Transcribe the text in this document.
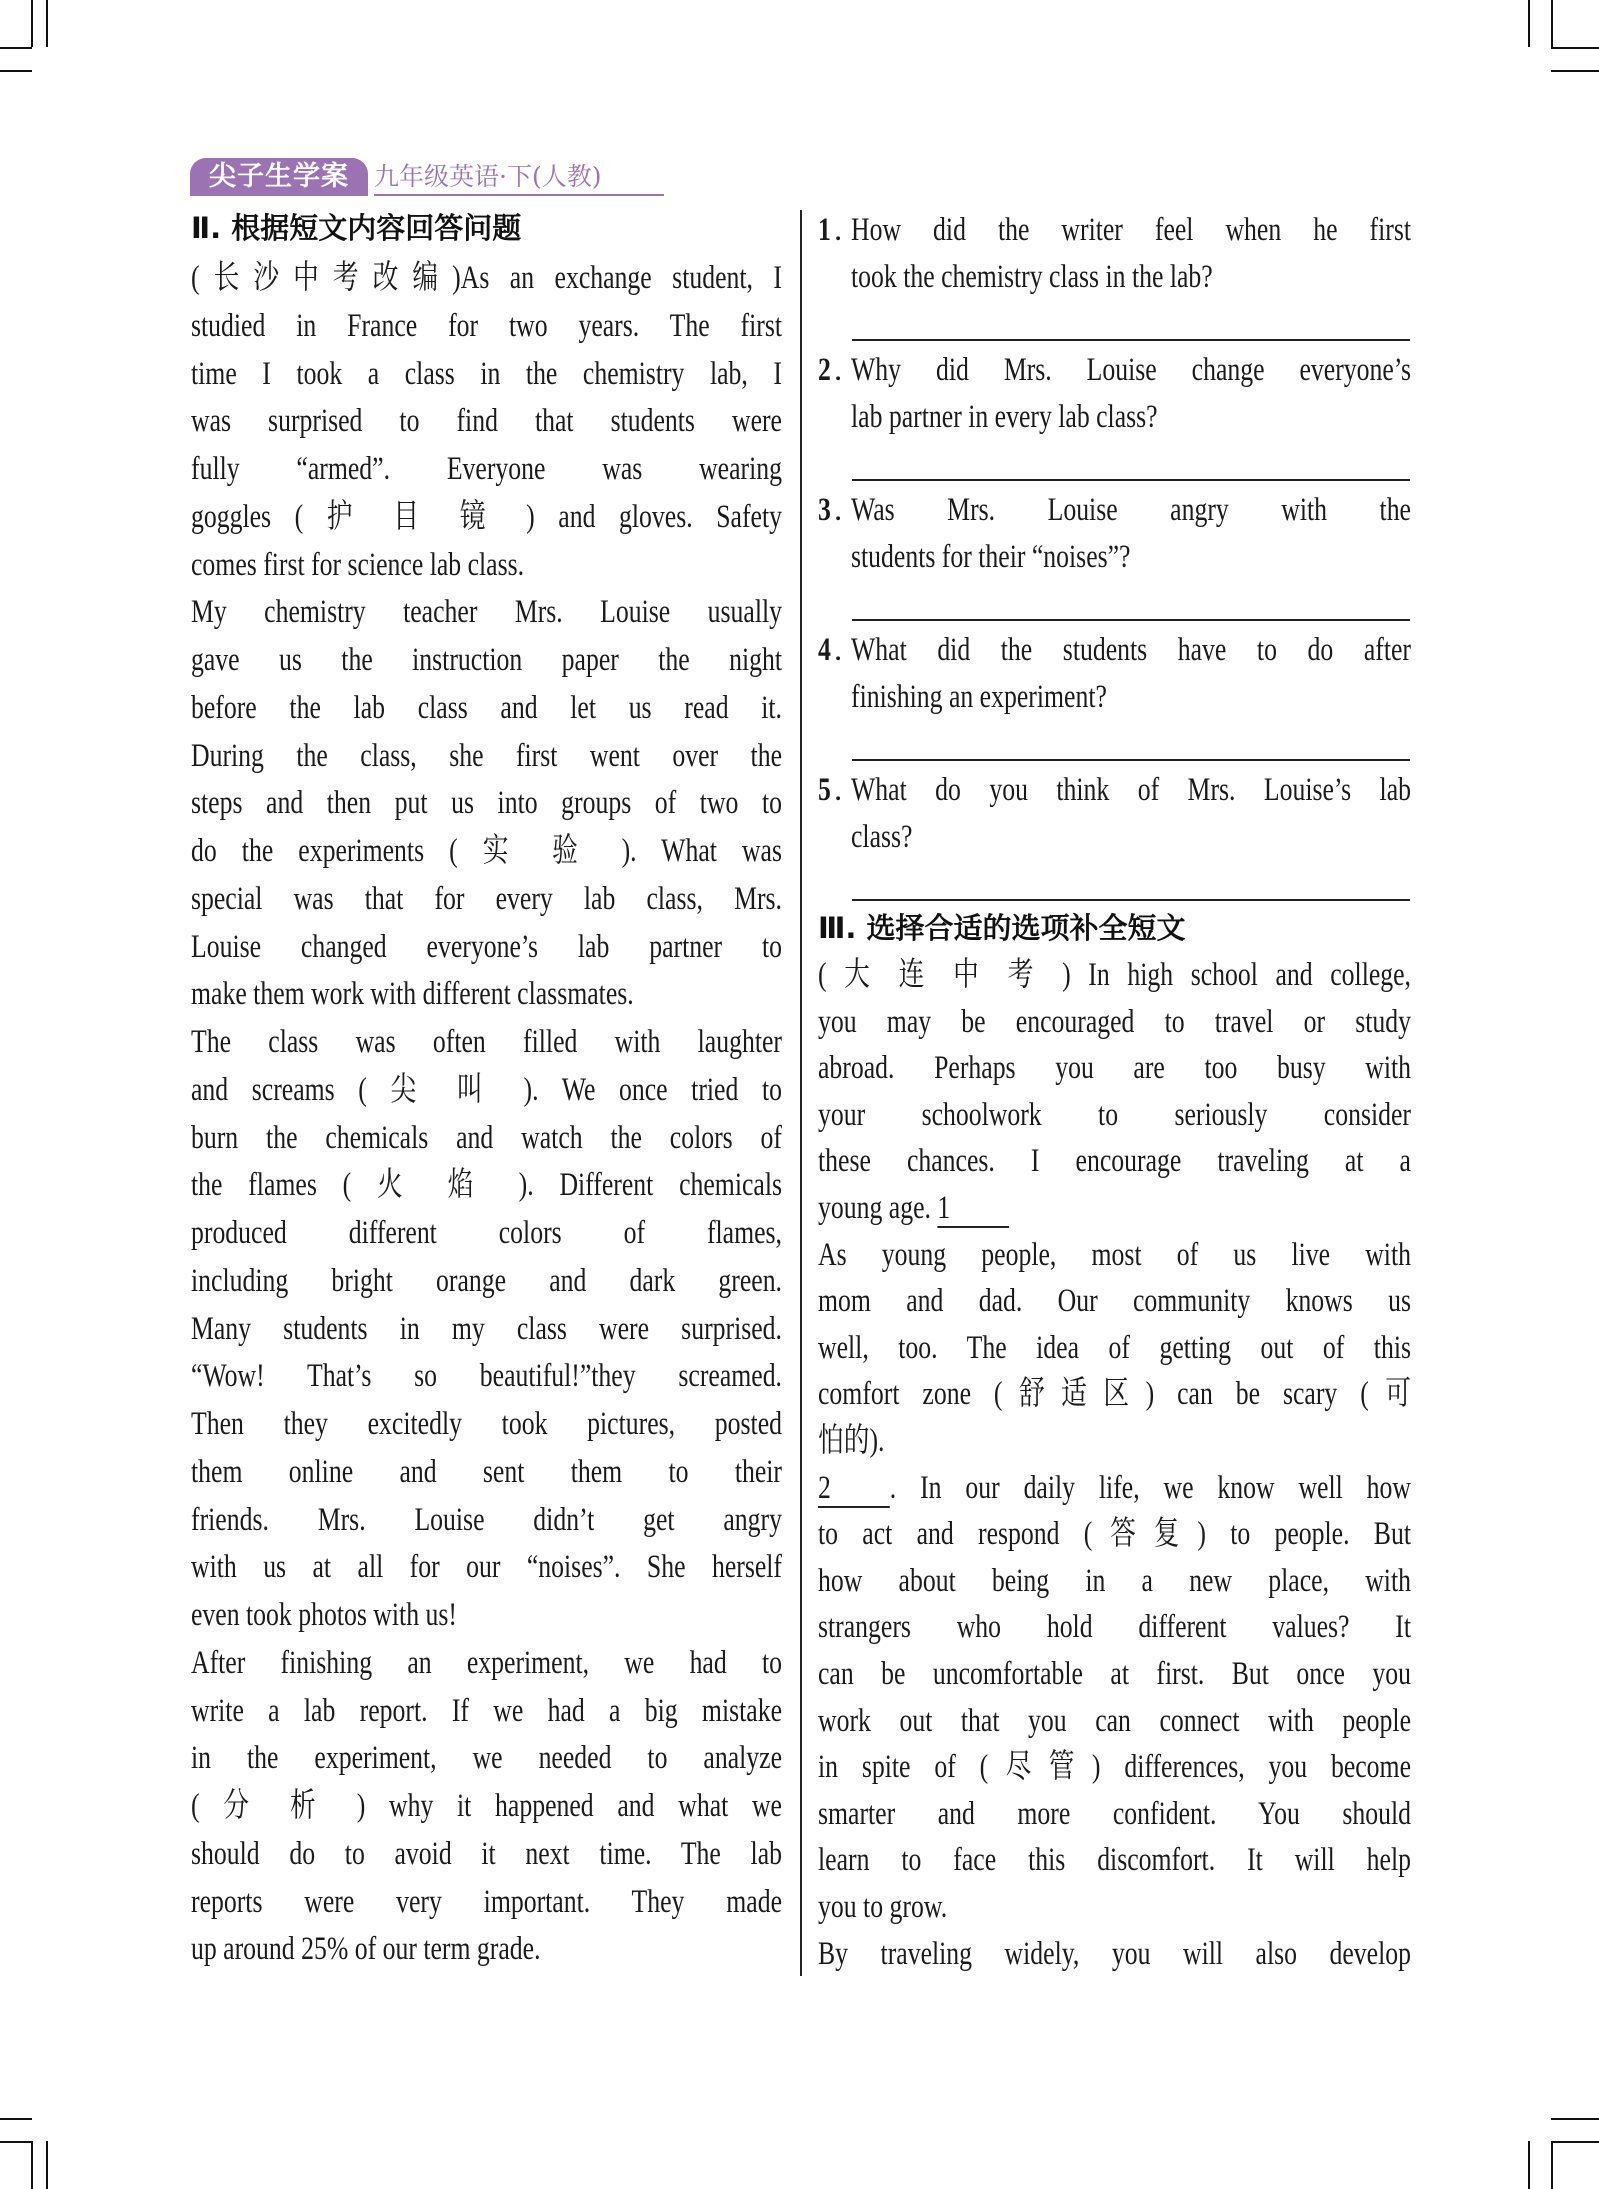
尖子生学案	九年级英语·下(人教)
Ⅱ. 根据短文内容回答问题
(长沙中考改编)As an exchange student, I
studied in France for two years. The first
time I took a class in the chemistry lab, I
was surprised to find that students were
fully “armed”. Everyone was wearing
goggles ( 护 目 镜 ) and gloves. Safety
comes first for science lab class.
My chemistry teacher Mrs. Louise usually
gave us the instruction paper the night
before the lab class and let us read it.
During the class, she first went over the
steps and then put us into groups of two to
do the experiments ( 实 验 ). What was
special was that for every lab class, Mrs.
Louise changed everyone’s lab partner to
make them work with different classmates.
The class was often filled with laughter
and screams ( 尖 叫 ). We once tried to
burn the chemicals and watch the colors of
the flames ( 火 焰 ). Different chemicals
produced different colors of flames,
including bright orange and dark green.
Many students in my class were surprised.
“Wow! That’s so beautiful!”they screamed.
Then they excitedly took pictures, posted
them online and sent them to their
friends. Mrs. Louise didn’t get angry
with us at all for our “noises”. She herself
even took photos with us!
After finishing an experiment, we had to
write a lab report. If we had a big mistake
in the experiment, we needed to analyze
( 分 析 ) why it happened and what we
should do to avoid it next time. The lab
reports were very important. They made
up around 25% of our term grade.
1 . How did the writer feel when he first
took the chemistry class in the lab?
2 . Why did Mrs. Louise change everyone’s
lab partner in every lab class?
3 . Was Mrs. Louise angry with the
students for their “noises”?
4 . What did the students have to do after
finishing an experiment?
5 . What do you think of Mrs. Louise’s lab
class?
Ⅲ. 选择合适的选项补全短文
( 大 连 中 考 ) In high school and college,
you may be encouraged to travel or study
abroad. Perhaps you are too busy with
your schoolwork to seriously consider
these chances. I encourage traveling at a
young age. 1
As young people, most of us live with
mom and dad. Our community knows us
well, too. The idea of getting out of this
comfort zone (舒适区) can be scary (可
怕的).
2 . In our daily life, we know well how
to act and respond (答复) to people. But
how about being in a new place, with
strangers who hold different values? It
can be uncomfortable at first. But once you
work out that you can connect with people
in spite of (尽管) differences, you become
smarter and more confident. You should
learn to face this discomfort. It will help
you to grow.
By traveling widely, you will also develop
